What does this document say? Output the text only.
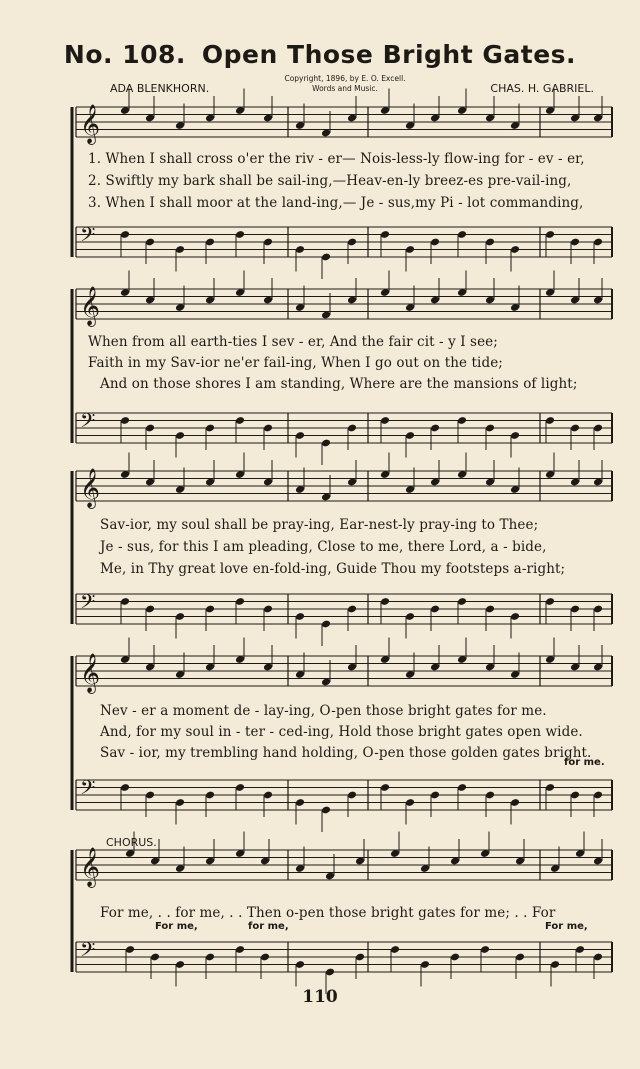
No. 108. Open Those Bright Gates.
ADA BLENKHORN.
Copyright, 1896, by E. O. Excell.
Words and Music.	CHAS. H. GABRIEL.
𝄞
𝄢
𝄞
𝄢
𝄞
𝄢
𝄞
𝄢
𝄞
𝄢
1. When I shall cross o'er the riv - er— Nois-less-ly flow-ing for - ev - er,
2. Swiftly my bark shall be sail-ing,—Heav-en-ly breez-es pre-vail-ing,
3. When I shall moor at the land-ing,— Je - sus,my Pi - lot commanding,
When from all earth-ties I sev - er, And the fair cit - y I see;
Faith in my Sav-ior ne'er fail-ing, When I go out on the tide;
And on those shores I am standing, Where are the mansions of light;
Sav-ior, my soul shall be pray-ing, Ear-nest-ly pray-ing to Thee;
Je - sus, for this I am pleading, Close to me, there Lord, a - bide,
Me, in Thy great love en-fold-ing, Guide Thou my footsteps a-right;
Nev - er a moment de - lay-ing, O-pen those bright gates for me.
And, for my soul in - ter - ced-ing, Hold those bright gates open wide.
Sav - ior, my trembling hand holding, O-pen those golden gates bright.
for me.
CHORUS.
For me, . . for me, . . Then o-pen those bright gates for me; . . For
For me,	for me,	For me,
110
